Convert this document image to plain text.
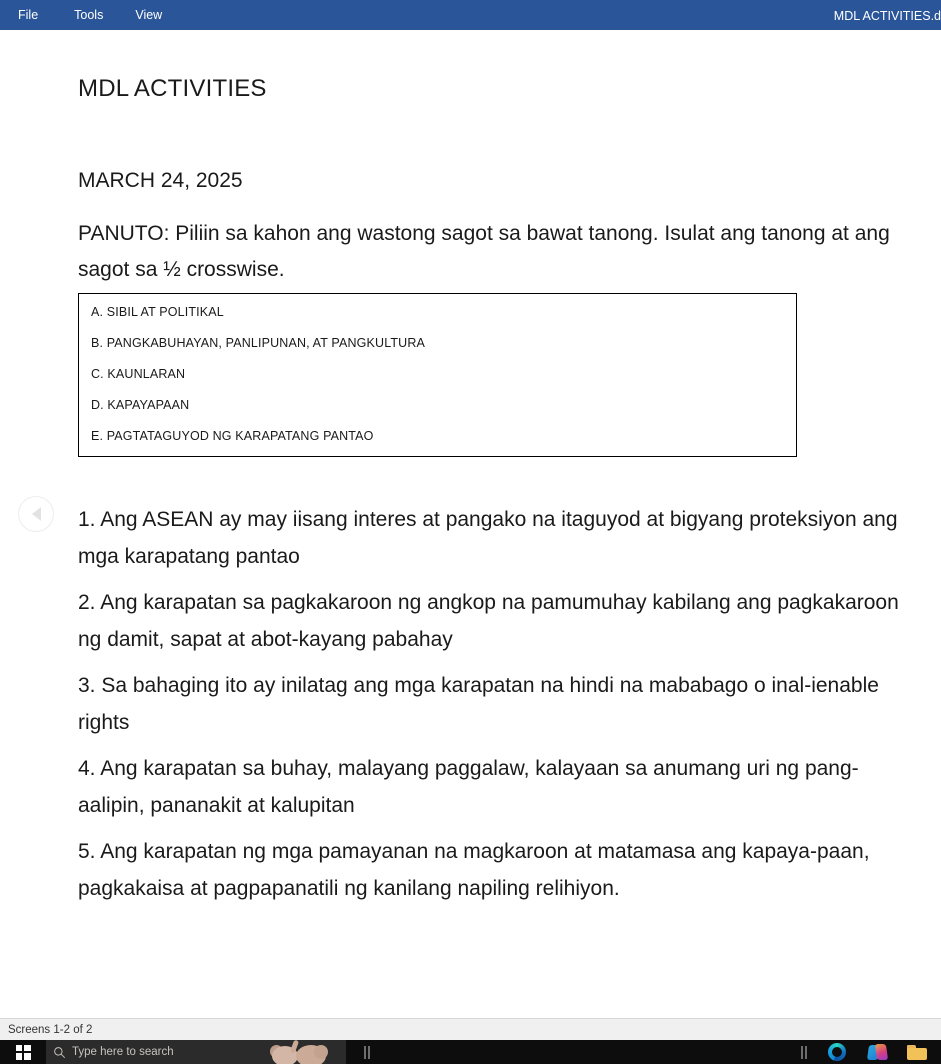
File	Tools	View	MDL ACTIVITIES.d
MDL ACTIVITIES
MARCH 24, 2025
PANUTO: Piliin sa kahon ang wastong sagot sa bawat tanong. Isulat ang tanong at ang sagot sa ½ crosswise.
A. SIBIL AT POLITIKAL
B. PANGKABUHAYAN, PANLIPUNAN, AT PANGKULTURA
C. KAUNLARAN
D. KAPAYAPAAN
E. PAGTATAGUYOD NG KARAPATANG PANTAO
1. Ang ASEAN ay may iisang interes at pangako na itaguyod at bigyang proteksiyon ang mga karapatang pantao
2. Ang karapatan sa pagkakaroon ng angkop na pamumuhay kabilang ang pagkakaroon ng damit, sapat at abot-kayang pabahay
3. Sa bahaging ito ay inilatag ang mga karapatan na hindi na mababago o inal-ienable rights
4. Ang karapatan sa buhay, malayang paggalaw, kalayaan sa anumang uri ng pang-aalipin, pananakit at kalupitan
5. Ang karapatan ng mga pamayanan na magkaroon at matamasa ang kapaya-paan, pagkakaisa at pagpapanatili ng kanilang napiling relihiyon.
Screens 1-2 of 2
Type here to search
